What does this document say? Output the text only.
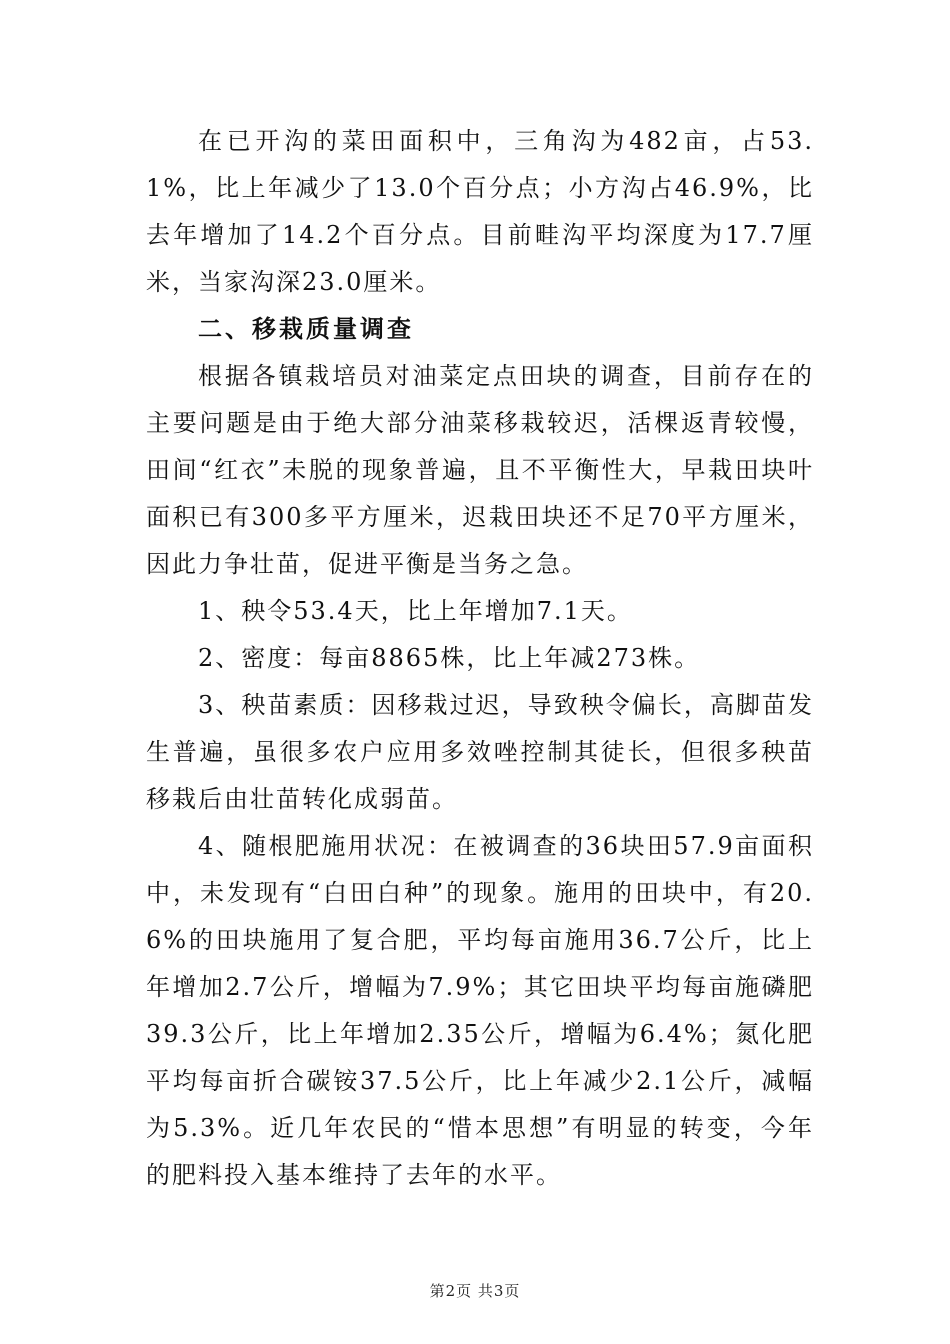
在已开沟的菜田面积中，三角沟为482亩，占53.1%，比上年减少了13.0个百分点；小方沟占46.9%，比去年增加了14.2个百分点。目前畦沟平均深度为17.7厘米，当家沟深23.0厘米。

二、移栽质量调查

根据各镇栽培员对油菜定点田块的调查，目前存在的主要问题是由于绝大部分油菜移栽较迟，活棵返青较慢，田间“红衣”未脱的现象普遍，且不平衡性大，早栽田块叶面积已有300多平方厘米，迟栽田块还不足70平方厘米，因此力争壮苗，促进平衡是当务之急。

1、秧令53.4天，比上年增加7.1天。

2、密度：每亩8865株，比上年减273株。

3、秧苗素质：因移栽过迟，导致秧令偏长，高脚苗发生普遍，虽很多农户应用多效唑控制其徒长，但很多秧苗移栽后由壮苗转化成弱苗。

4、随根肥施用状况：在被调查的36块田57.9亩面积中，未发现有“白田白种”的现象。施用的田块中，有20.6%的田块施用了复合肥，平均每亩施用36.7公斤，比上年增加2.7公斤，增幅为7.9%；其它田块平均每亩施磷肥39.3公斤，比上年增加2.35公斤，增幅为6.4%；氮化肥平均每亩折合碳铵37.5公斤，比上年减少2.1公斤，减幅为5.3%。近几年农民的“惜本思想”有明显的转变，今年的肥料投入基本维持了去年的水平。

第2页 共3页
